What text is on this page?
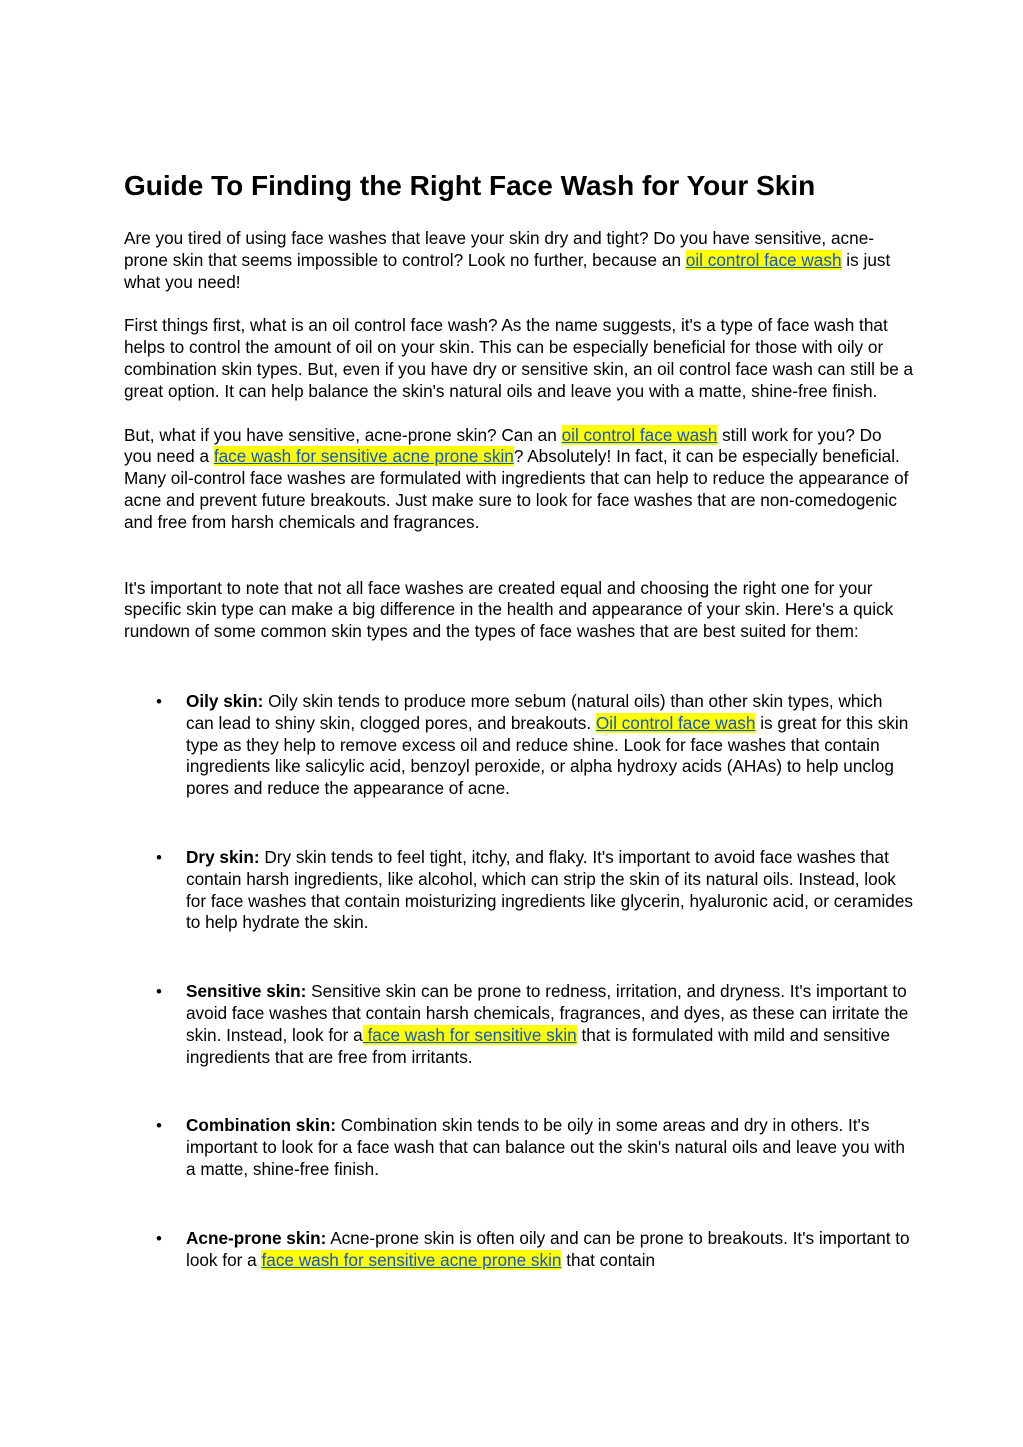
Guide To Finding the Right Face Wash for Your Skin

Are you tired of using face washes that leave your skin dry and tight? Do you have sensitive, acne-prone skin that seems impossible to control? Look no further, because an oil control face wash is just what you need!

First things first, what is an oil control face wash? As the name suggests, it's a type of face wash that helps to control the amount of oil on your skin. This can be especially beneficial for those with oily or combination skin types. But, even if you have dry or sensitive skin, an oil control face wash can still be a great option. It can help balance the skin's natural oils and leave you with a matte, shine-free finish.

But, what if you have sensitive, acne-prone skin? Can an oil control face wash still work for you? Do you need a face wash for sensitive acne prone skin? Absolutely! In fact, it can be especially beneficial. Many oil-control face washes are formulated with ingredients that can help to reduce the appearance of acne and prevent future breakouts. Just make sure to look for face washes that are non-comedogenic and free from harsh chemicals and fragrances.

It's important to note that not all face washes are created equal and choosing the right one for your specific skin type can make a big difference in the health and appearance of your skin. Here's a quick rundown of some common skin types and the types of face washes that are best suited for them:

• Oily skin: Oily skin tends to produce more sebum (natural oils) than other skin types, which can lead to shiny skin, clogged pores, and breakouts. Oil control face wash is great for this skin type as they help to remove excess oil and reduce shine. Look for face washes that contain ingredients like salicylic acid, benzoyl peroxide, or alpha hydroxy acids (AHAs) to help unclog pores and reduce the appearance of acne.
• Dry skin: Dry skin tends to feel tight, itchy, and flaky. It's important to avoid face washes that contain harsh ingredients, like alcohol, which can strip the skin of its natural oils. Instead, look for face washes that contain moisturizing ingredients like glycerin, hyaluronic acid, or ceramides to help hydrate the skin.
• Sensitive skin: Sensitive skin can be prone to redness, irritation, and dryness. It's important to avoid face washes that contain harsh chemicals, fragrances, and dyes, as these can irritate the skin. Instead, look for a face wash for sensitive skin that is formulated with mild and sensitive ingredients that are free from irritants.
• Combination skin: Combination skin tends to be oily in some areas and dry in others. It's important to look for a face wash that can balance out the skin's natural oils and leave you with a matte, shine-free finish.
• Acne-prone skin: Acne-prone skin is often oily and can be prone to breakouts. It's important to look for a face wash for sensitive acne prone skin that contain
